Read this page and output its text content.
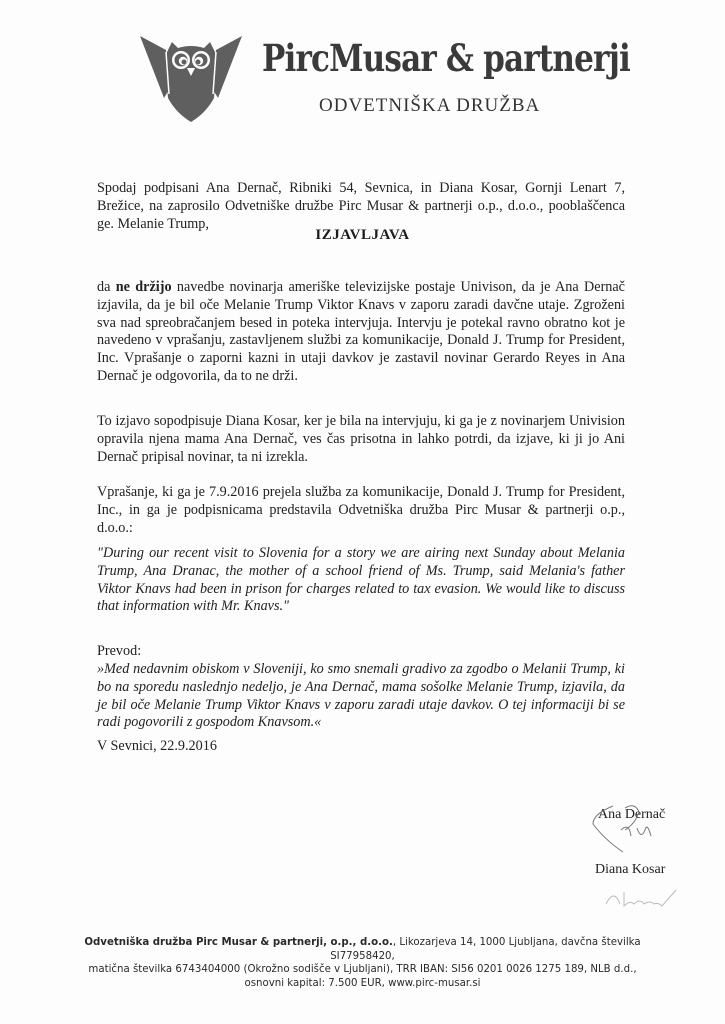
PircMusar & partnerji
ODVETNIŠKA DRUŽBA
Spodaj podpisani Ana Dernač, Ribniki 54, Sevnica, in Diana Kosar, Gornji Lenart 7, Brežice, na zaprosilo Odvetniške družbe Pirc Musar & partnerji o.p., d.o.o., pooblaščenca ge. Melanie Trump,
IZJAVLJAVA
da ne držijo navedbe novinarja ameriške televizijske postaje Univison, da je Ana Dernač izjavila, da je bil oče Melanie Trump Viktor Knavs v zaporu zaradi davčne utaje. Zgroženi sva nad spreobračanjem besed in poteka intervjuja. Intervju je potekal ravno obratno kot je navedeno v vprašanju, zastavljenem službi za komunikacije, Donald J. Trump for President, Inc. Vprašanje o zaporni kazni in utaji davkov je zastavil novinar Gerardo Reyes in Ana Dernač je odgovorila, da to ne drži.
To izjavo sopodpisuje Diana Kosar, ker je bila na intervjuju, ki ga je z novinarjem Univision opravila njena mama Ana Dernač, ves čas prisotna in lahko potrdi, da izjave, ki ji jo Ani Dernač pripisal novinar, ta ni izrekla.
Vprašanje, ki ga je 7.9.2016 prejela služba za komunikacije, Donald J. Trump for President, Inc., in ga je podpisnicama predstavila Odvetniška družba Pirc Musar & partnerji o.p., d.o.o.:
"During our recent visit to Slovenia for a story we are airing next Sunday about Melania Trump, Ana Dranac, the mother of a school friend of Ms. Trump, said Melania's father Viktor Knavs had been in prison for charges related to tax evasion. We would like to discuss that information with Mr. Knavs."
Prevod:
»Med nedavnim obiskom v Sloveniji, ko smo snemali gradivo za zgodbo o Melanii Trump, ki bo na sporedu naslednjo nedeljo, je Ana Dernač, mama sošolke Melanie Trump, izjavila, da je bil oče Melanie Trump Viktor Knavs v zaporu zaradi utaje davkov. O tej informaciji bi se radi pogovorili z gospodom Knavsom.«
V Sevnici, 22.9.2016
Ana Dernač
Diana Kosar
Odvetniška družba Pirc Musar & partnerji, o.p., d.o.o., Likozarjeva 14, 1000 Ljubljana, davčna številka SI77958420,
matična številka 6743404000 (Okrožno sodišče v Ljubljani), TRR IBAN: SI56 0201 0026 1275 189, NLB d.d.,
osnovni kapital: 7.500 EUR, www.pirc-musar.si
